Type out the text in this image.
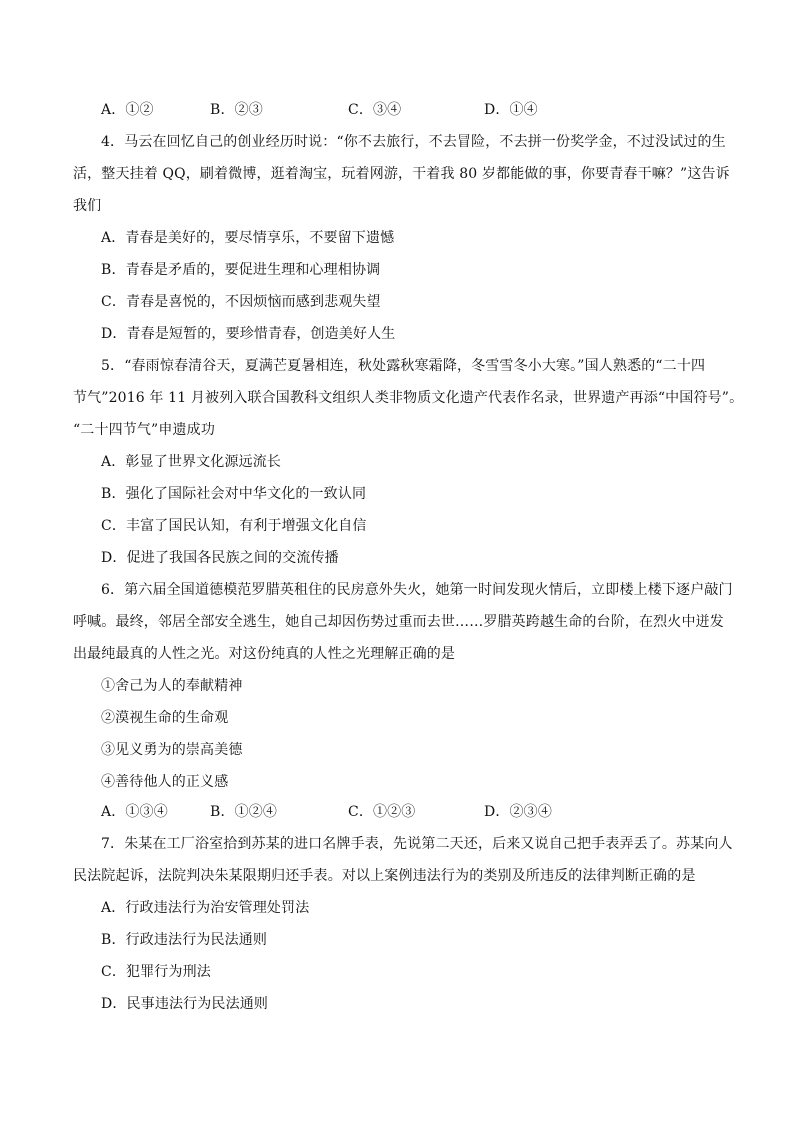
A．①②	B．②③	C．③④	D．①④
4．马云在回忆自己的创业经历时说：“你不去旅行，不去冒险，不去拼一份奖学金，不过没试过的生
活，整天挂着 QQ，刷着微博，逛着淘宝，玩着网游，干着我 80 岁都能做的事，你要青春干嘛？”这告诉
我们
A．青春是美好的，要尽情享乐，不要留下遗憾
B．青春是矛盾的，要促进生理和心理相协调
C．青春是喜悦的，不因烦恼而感到悲观失望
D．青春是短暂的，要珍惜青春，创造美好人生
5．“春雨惊春清谷天，夏满芒夏暑相连，秋处露秋寒霜降，冬雪雪冬小大寒。”国人熟悉的“二十四
节气”2016 年 11 月被列入联合国教科文组织人类非物质文化遗产代表作名录，世界遗产再添“中国符号”。
“二十四节气”申遗成功
A．彰显了世界文化源远流长
B．强化了国际社会对中华文化的一致认同
C．丰富了国民认知，有利于增强文化自信
D．促进了我国各民族之间的交流传播
6．第六届全国道德模范罗腊英租住的民房意外失火，她第一时间发现火情后，立即楼上楼下逐户敲门
呼喊。最终，邻居全部安全逃生，她自己却因伤势过重而去世……罗腊英跨越生命的台阶，在烈火中迸发
出最纯最真的人性之光。对这份纯真的人性之光理解正确的是
①舍己为人的奉献精神
②漠视生命的生命观
③见义勇为的崇高美德
④善待他人的正义感
A．①③④	B．①②④	C．①②③	D．②③④
7．朱某在工厂浴室拾到苏某的进口名牌手表，先说第二天还，后来又说自己把手表弄丢了。苏某向人
民法院起诉，法院判决朱某限期归还手表。对以上案例违法行为的类别及所违反的法律判断正确的是
A．行政违法行为治安管理处罚法
B．行政违法行为民法通则
C．犯罪行为刑法
D．民事违法行为民法通则
